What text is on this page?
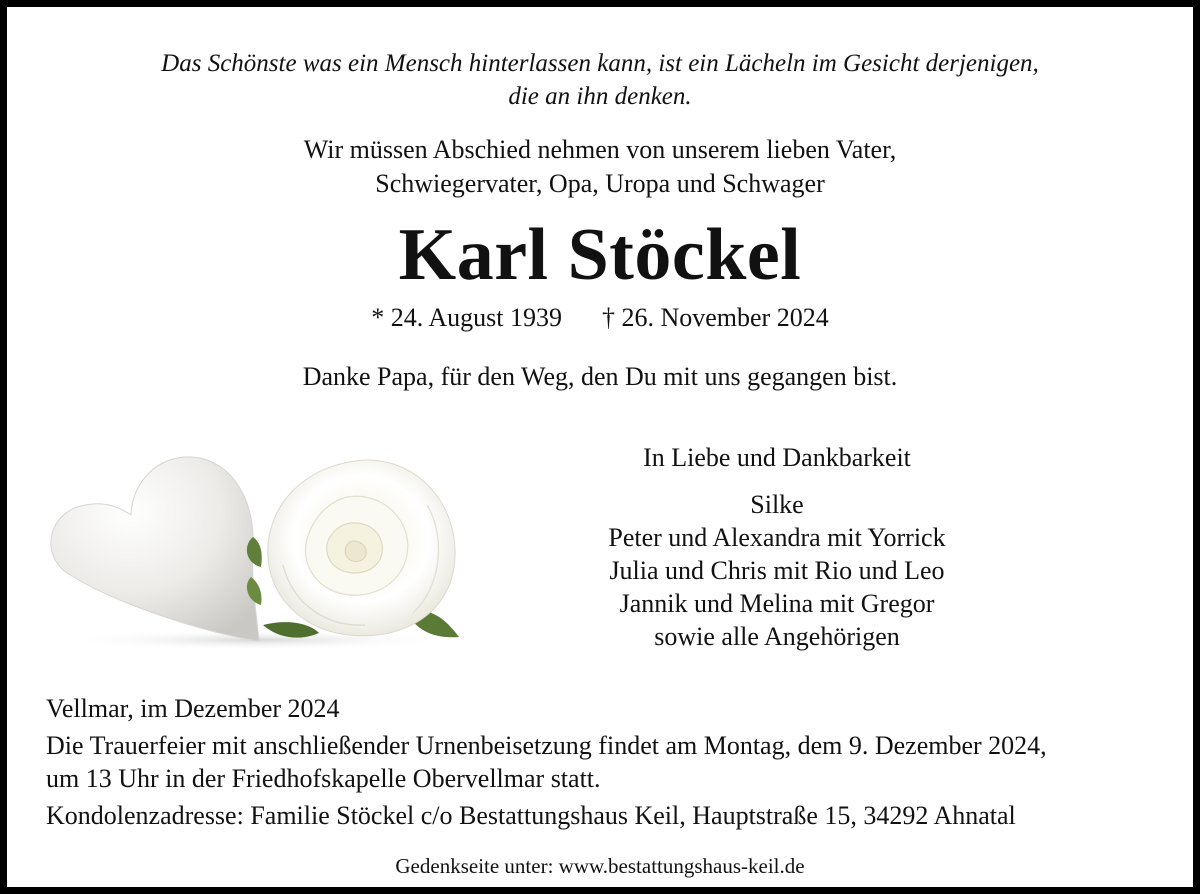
Das Schönste was ein Mensch hinterlassen kann, ist ein Lächeln im Gesicht derjenigen,
die an ihn denken.
Wir müssen Abschied nehmen von unserem lieben Vater,
Schwiegervater, Opa, Uropa und Schwager
Karl Stöckel
* 24. August 1939 † 26. November 2024
Danke Papa, für den Weg, den Du mit uns gegangen bist.
In Liebe und Dankbarkeit
Silke
Peter und Alexandra mit Yorrick
Julia und Chris mit Rio und Leo
Jannik und Melina mit Gregor
sowie alle Angehörigen
Vellmar, im Dezember 2024
Die Trauerfeier mit anschließender Urnenbeisetzung findet am Montag, dem 9. Dezember 2024,
um 13 Uhr in der Friedhofskapelle Obervellmar statt.
Kondolenzadresse: Familie Stöckel c/o Bestattungshaus Keil, Hauptstraße 15, 34292 Ahnatal
Gedenkseite unter: www.bestattungshaus-keil.de
